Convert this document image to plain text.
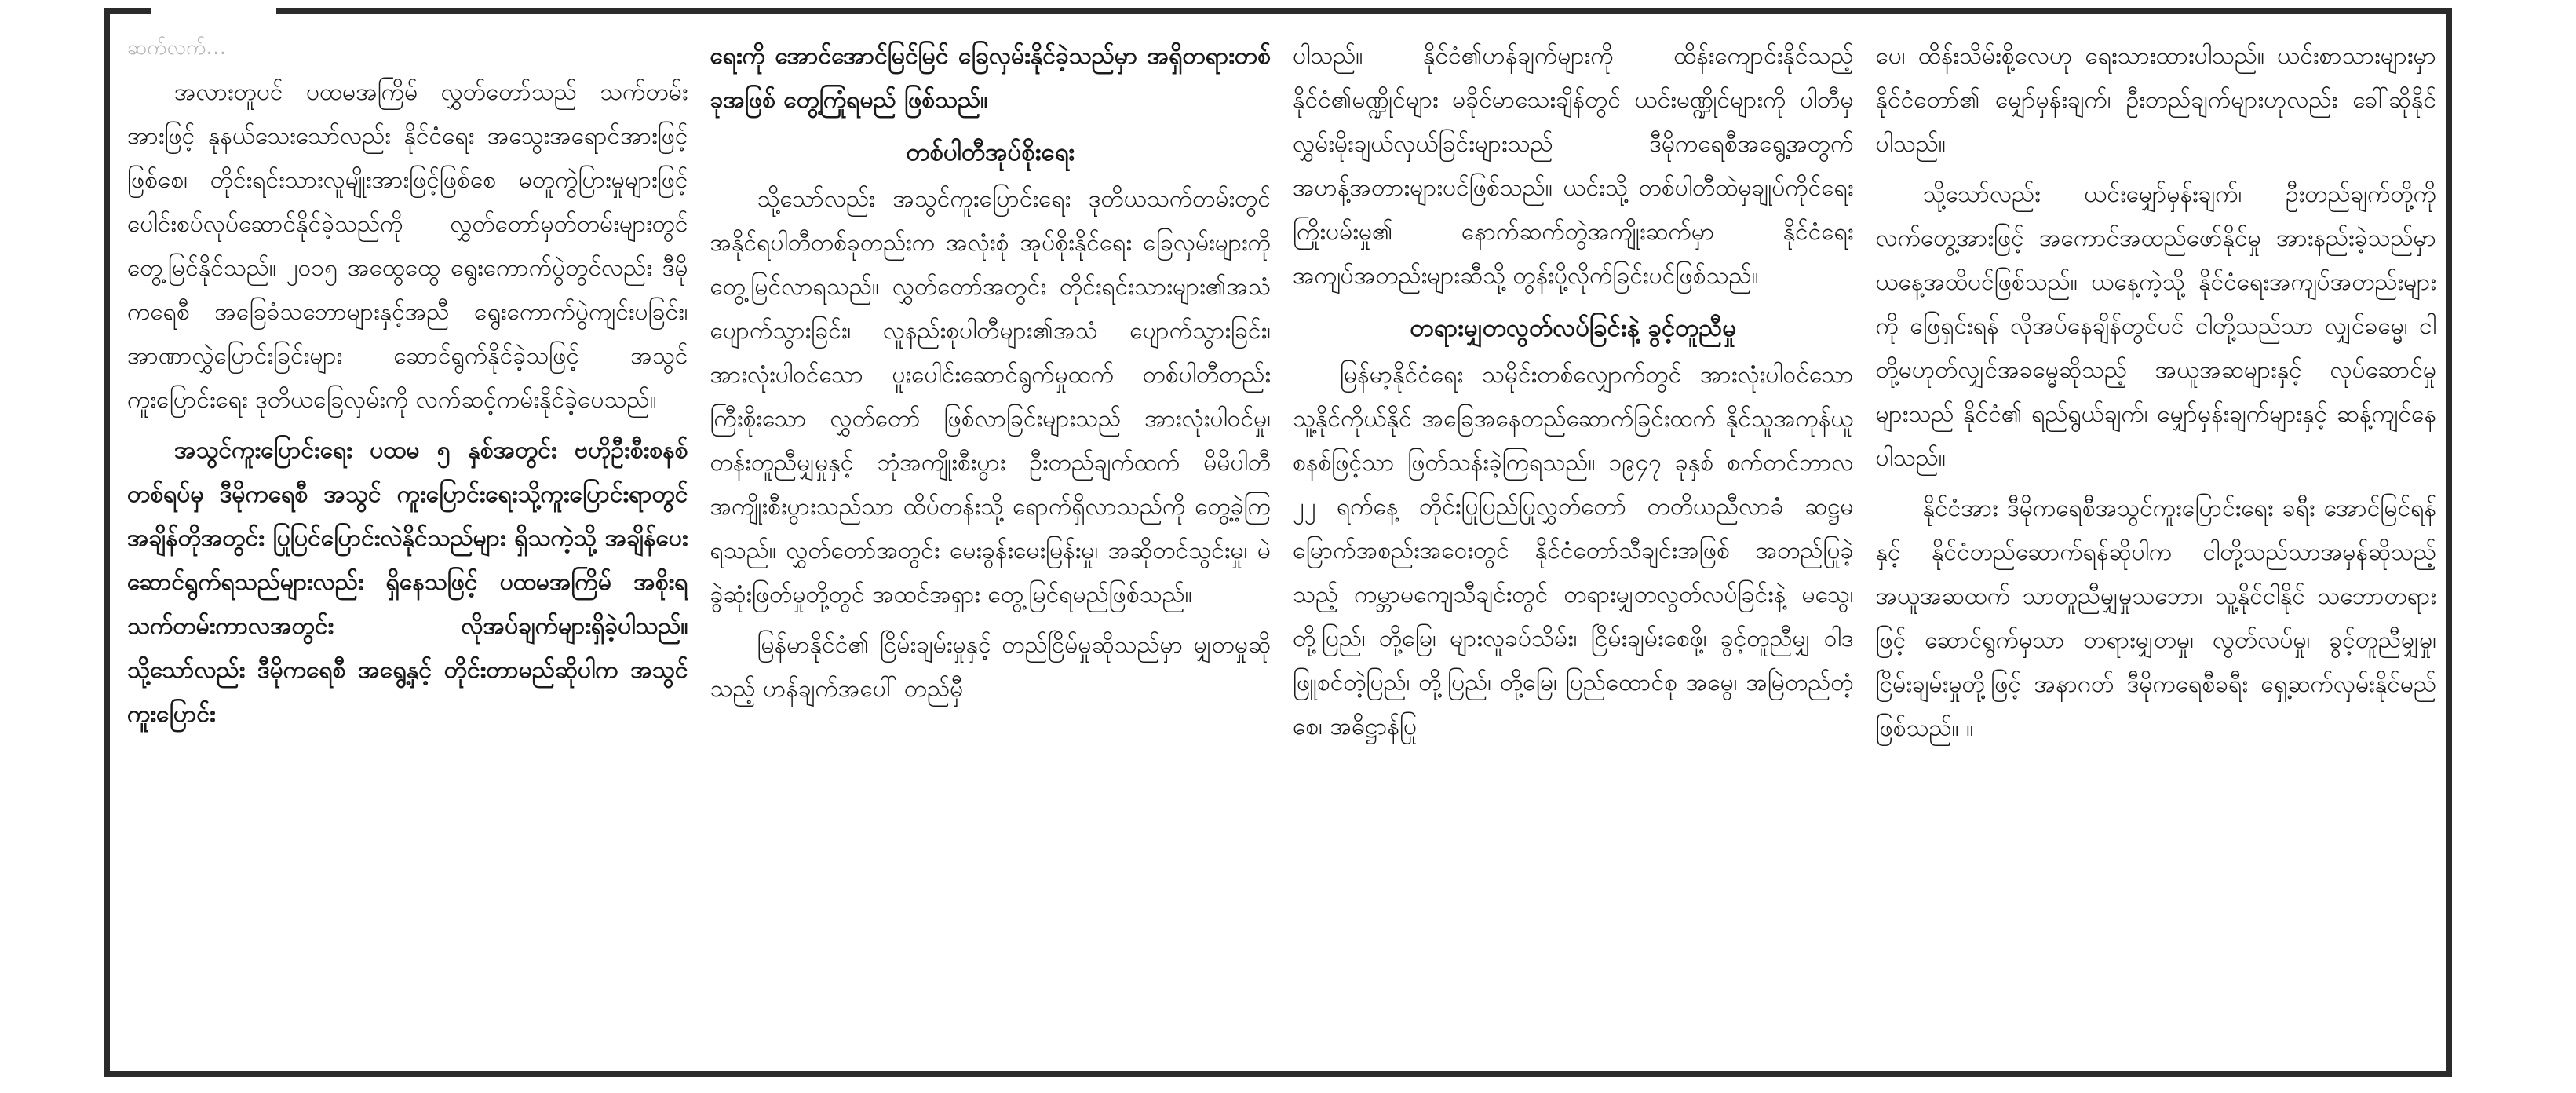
ဆက်လက်…

အလားတူပင် ပထမအကြိမ် လွှတ်တော်သည် သက်တမ်းအားဖြင့် နုနယ်သေးသော်လည်း နိုင်ငံရေး အသွေးအရောင်အားဖြင့်ဖြစ်စေ၊ တိုင်းရင်းသားလူမျိုးအားဖြင့်ဖြစ်စေ မတူကွဲပြားမှုများဖြင့် ပေါင်းစပ်လုပ်ဆောင်နိုင်ခဲ့သည်ကို လွှတ်တော်မှတ်တမ်းများတွင် တွေ့မြင်နိုင်သည်။ ၂၀၁၅ အထွေထွေ ရွေးကောက်ပွဲတွင်လည်း ဒီမိုကရေစီ အခြေခံသဘောများနှင့်အညီ ရွေးကောက်ပွဲကျင်းပခြင်း၊ အာဏာလွှဲပြောင်းခြင်းများ ဆောင်ရွက်နိုင်ခဲ့သဖြင့် အသွင်ကူးပြောင်းရေး ဒုတိယခြေလှမ်းကို လက်ဆင့်ကမ်းနိုင်ခဲ့ပေသည်။

အသွင်ကူးပြောင်းရေး ပထမ ၅ နှစ်အတွင်း ဗဟိုဦးစီးစနစ်တစ်ရပ်မှ ဒီမိုကရေစီ အသွင် ကူးပြောင်းရေးသို့ကူးပြောင်းရာတွင် အချိန်တိုအတွင်း ပြုပြင်ပြောင်းလဲနိုင်သည်များ ရှိသကဲ့သို့ အချိန်ပေးဆောင်ရွက်ရသည်များလည်း ရှိနေသဖြင့် ပထမအကြိမ် အစိုးရသက်တမ်းကာလအတွင်း လိုအပ်ချက်များရှိခဲ့ပါသည်။ သို့သော်လည်း ဒီမိုကရေစီ အရွေ့နှင့် တိုင်းတာမည်ဆိုပါက အသွင်ကူးပြောင်း

ရေးကို အောင်အောင်မြင်မြင် ခြေလှမ်းနိုင်ခဲ့သည်မှာ အရှိတရားတစ်ခုအဖြစ် တွေ့ကြုံရမည် ဖြစ်သည်။

တစ်ပါတီအုပ်စိုးရေး

သို့သော်လည်း အသွင်ကူးပြောင်းရေး ဒုတိယသက်တမ်းတွင် အနိုင်ရပါတီတစ်ခုတည်းက အလုံးစုံ အုပ်စိုးနိုင်ရေး ခြေလှမ်းများကို တွေ့မြင်လာရသည်။ လွှတ်တော်အတွင်း တိုင်းရင်းသားများ၏အသံ ပျောက်သွားခြင်း၊ လူနည်းစုပါတီများ၏အသံ ပျောက်သွားခြင်း၊ အားလုံးပါဝင်သော ပူးပေါင်းဆောင်ရွက်မှုထက် တစ်ပါတီတည်းကြီးစိုးသော လွှတ်တော် ဖြစ်လာခြင်းများသည် အားလုံးပါဝင်မှု၊ တန်းတူညီမျှမှုနှင့် ဘုံအကျိုးစီးပွား ဦးတည်ချက်ထက် မိမိပါတီအကျိုးစီးပွားသည်သာ ထိပ်တန်းသို့ ရောက်ရှိလာသည်ကို တွေ့ခဲ့ကြရသည်။ လွှတ်တော်အတွင်း မေးခွန်းမေးမြန်းမှု၊ အဆိုတင်သွင်းမှု၊ မဲခွဲဆုံးဖြတ်မှုတို့တွင် အထင်အရှား တွေ့မြင်ရမည်ဖြစ်သည်။

မြန်မာနိုင်ငံ၏ ငြိမ်းချမ်းမှုနှင့် တည်ငြိမ်မှုဆိုသည်မှာ မျှတမှုဆိုသည့် ဟန်ချက်အပေါ် တည်မှီ

ပါသည်။ နိုင်ငံ၏ဟန်ချက်များကို ထိန်းကျောင်းနိုင်သည့် နိုင်ငံ၏မဏ္ဍိုင်များ မခိုင်မာသေးချိန်တွင် ယင်းမဏ္ဍိုင်များကို ပါတီမှ လွှမ်းမိုးချယ်လှယ်ခြင်းများသည် ဒီမိုကရေစီအရွေ့အတွက် အဟန့်အတားများပင်ဖြစ်သည်။ ယင်းသို့ တစ်ပါတီထဲမှချုပ်ကိုင်ရေး ကြိုးပမ်းမှု၏ နောက်ဆက်တွဲအကျိုးဆက်မှာ နိုင်ငံရေးအကျပ်အတည်းများဆီသို့ တွန်းပို့လိုက်ခြင်းပင်ဖြစ်သည်။

တရားမျှတလွတ်လပ်ခြင်းနဲ့ ခွင့်တူညီမှု

မြန်မာ့နိုင်ငံရေး သမိုင်းတစ်လျှောက်တွင် အားလုံးပါဝင်သော သူ့နိုင်ကိုယ်နိုင် အခြေအနေတည်ဆောက်ခြင်းထက် နိုင်သူအကုန်ယူစနစ်ဖြင့်သာ ဖြတ်သန်းခဲ့ကြရသည်။ ၁၉၄၇ ခုနှစ် စက်တင်ဘာလ ၂၂ ရက်နေ့ တိုင်းပြုပြည်ပြုလွှတ်တော် တတိယညီလာခံ ဆဋ္ဌမမြောက်အစည်းအဝေးတွင် နိုင်ငံတော်သီချင်းအဖြစ် အတည်ပြုခဲ့သည့် ကမ္ဘာမကျေသီချင်းတွင် တရားမျှတလွတ်လပ်ခြင်းနဲ့ မသွေ၊ တို့ပြည်၊ တို့မြေ၊ များလူခပ်သိမ်း၊ ငြိမ်းချမ်းစေဖို့၊ ခွင့်တူညီမျှ ဝါဒဖြူစင်တဲ့ပြည်၊ တို့ပြည်၊ တို့မြေ၊ ပြည်ထောင်စု အမွေ၊ အမြဲတည်တံ့စေ၊ အဓိဋ္ဌာန်ပြု

ပေ၊ ထိန်းသိမ်းစို့လေဟု ရေးသားထားပါသည်။ ယင်းစာသားများမှာ နိုင်ငံတော်၏ မျှော်မှန်းချက်၊ ဦးတည်ချက်များဟုလည်း ခေါ်ဆိုနိုင်ပါသည်။

သို့သော်လည်း ယင်းမျှော်မှန်းချက်၊ ဦးတည်ချက်တို့ကို လက်တွေ့အားဖြင့် အကောင်အထည်ဖော်နိုင်မှု အားနည်းခဲ့သည်မှာ ယနေ့အထိပင်ဖြစ်သည်။ ယနေ့ကဲ့သို့ နိုင်ငံရေးအကျပ်အတည်းများကို ဖြေရှင်းရန် လိုအပ်နေချိန်တွင်ပင် ငါတို့သည်သာ လျှင်ခမ္မေ၊ ငါတို့မဟုတ်လျှင်အခမ္မေဆိုသည့် အယူအဆများနှင့် လုပ်ဆောင်မှုများသည် နိုင်ငံ၏ ရည်ရွယ်ချက်၊ မျှော်မှန်းချက်များနှင့် ဆန့်ကျင်နေပါသည်။

နိုင်ငံအား ဒီမိုကရေစီအသွင်ကူးပြောင်းရေး ခရီး အောင်မြင်ရန်နှင့် နိုင်ငံတည်ဆောက်ရန်ဆိုပါက ငါတို့သည်သာအမှန်ဆိုသည့် အယူအဆထက် သာတူညီမျှမှုသဘော၊ သူ့နိုင်ငါနိုင် သဘောတရားဖြင့် ဆောင်ရွက်မှသာ တရားမျှတမှု၊ လွတ်လပ်မှု၊ ခွင့်တူညီမျှမှု၊ ငြိမ်းချမ်းမှုတို့ဖြင့် အနာဂတ် ဒီမိုကရေစီခရီး ရှေ့ဆက်လှမ်းနိုင်မည်ဖြစ်သည်။ ။
